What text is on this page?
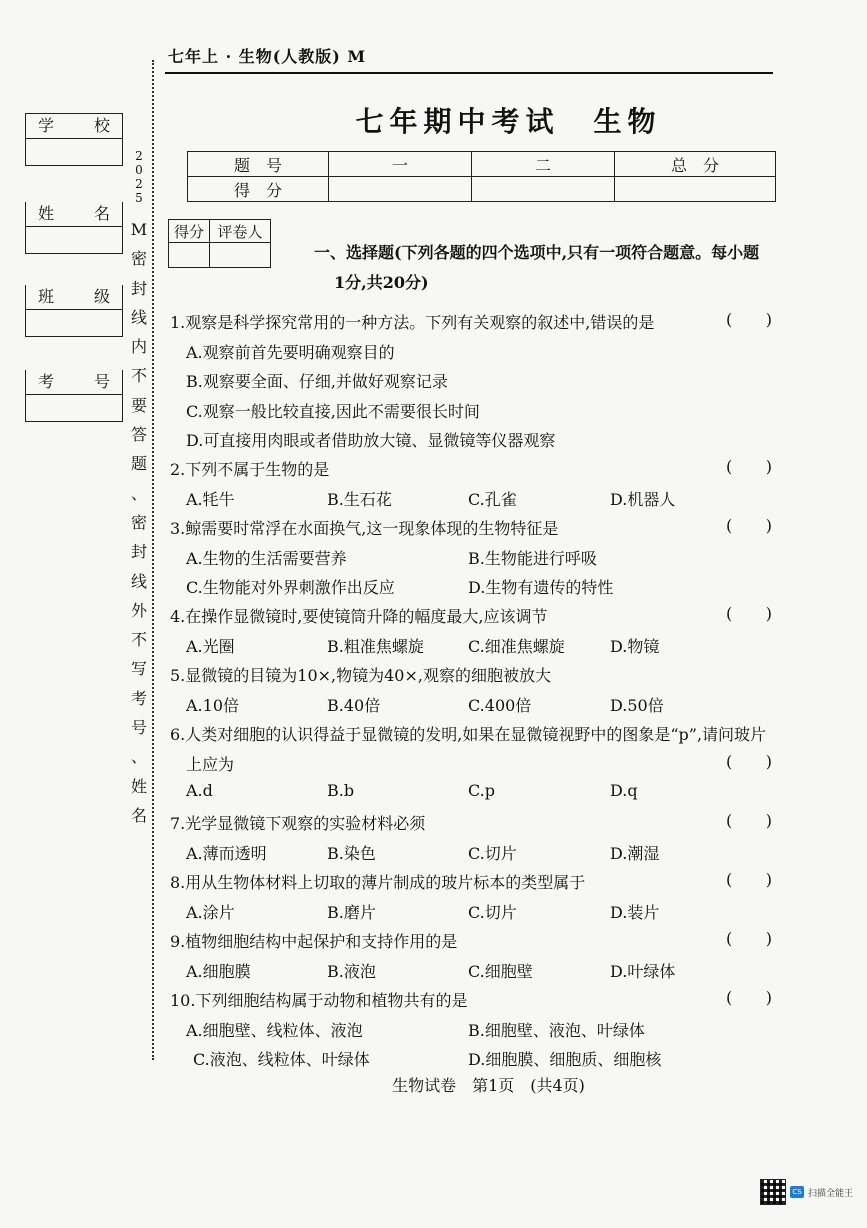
七年上 · 生物(人教版) M
七年期中考试 生物
题　号	一	二	总　分
得　分			
学 校
姓 名
班 级
考 号
2
0
2
5
M
密
封
线
内
不
要
答
题
、
密
封
线
外
不
写
考
号
、
姓
名
得分	评卷人

一、选择题(下列各题的四个选项中,只有一项符合题意。每小题
1分,共20分)
1.观察是科学探究常用的一种方法。下列有关观察的叙述中,错误的是	( )
A.观察前首先要明确观察目的
B.观察要全面、仔细,并做好观察记录
C.观察一般比较直接,因此不需要很长时间
D.可直接用肉眼或者借助放大镜、显微镜等仪器观察
2.下列不属于生物的是	( )
A.牦牛	B.生石花	C.孔雀	D.机器人
3.鲸需要时常浮在水面换气,这一现象体现的生物特征是	( )
A.生物的生活需要营养	B.生物能进行呼吸
C.生物能对外界刺激作出反应	D.生物有遗传的特性
4.在操作显微镜时,要使镜筒升降的幅度最大,应该调节	( )
A.光圈	B.粗准焦螺旋	C.细准焦螺旋	D.物镜
5.显微镜的目镜为10×,物镜为40×,观察的细胞被放大
A.10倍	B.40倍	C.400倍	D.50倍
6.人类对细胞的认识得益于显微镜的发明,如果在显微镜视野中的图象是“p”,请问玻片
上应为	( )
A.d	B.b	C.p	D.q
7.光学显微镜下观察的实验材料必须	( )
A.薄而透明	B.染色	C.切片	D.潮湿
8.用从生物体材料上切取的薄片制成的玻片标本的类型属于	( )
A.涂片	B.磨片	C.切片	D.装片
9.植物细胞结构中起保护和支持作用的是	( )
A.细胞膜	B.液泡	C.细胞壁	D.叶绿体
10.下列细胞结构属于动物和植物共有的是	( )
A.细胞壁、线粒体、液泡	B.细胞壁、液泡、叶绿体
C.液泡、线粒体、叶绿体	D.细胞膜、细胞质、细胞核
生物试卷　第1页　(共4页)
CS 扫描全能王
